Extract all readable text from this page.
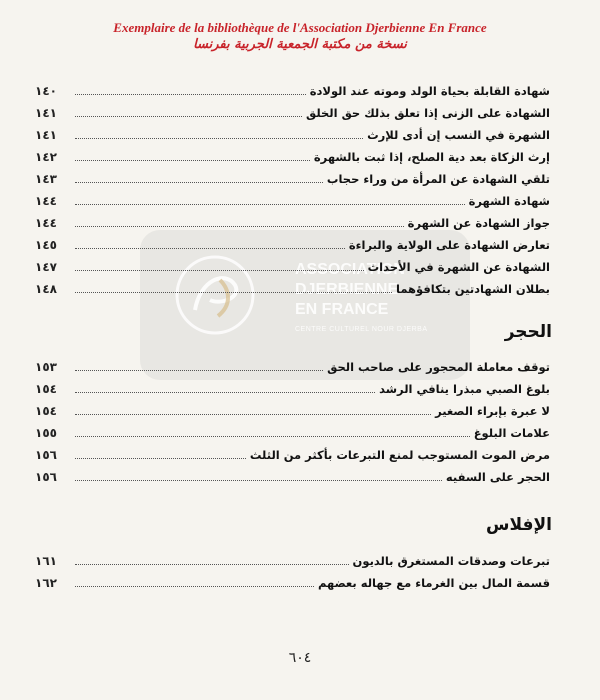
Exemplaire de la bibliothèque de l'Association Djerbienne En France
نسخة من مكتبة الجمعية الجربية بفرنسا
ASSOCIATION
DJERBIENNE
EN FRANCE
CENTRE CULTUREL NOUR DJERBA
١٤٠	شهادة القابلة بحياة الولد وموته عند الولادة
١٤١	الشهادة على الزنى إذا تعلق بذلك حق الخلق
١٤١	الشهرة في النسب إن أدى للإرث
١٤٢	إرث الزكاة بعد دية الصلح، إذا ثبت بالشهرة
١٤٣	تلقي الشهادة عن المرأة من وراء حجاب
١٤٤	شهادة الشهرة
١٤٤	جواز الشهادة عن الشهرة
١٤٥	تعارض الشهادة على الولاية والبراءة
١٤٧	الشهادة عن الشهرة في الأحداث
١٤٨	بطلان الشهادتين بتكافؤهما
الحجر
١٥٣	توقف معاملة المحجور على صاحب الحق
١٥٤	بلوغ الصبي مبذرا ينافي الرشد
١٥٤	لا عبرة بإبراء الصغير
١٥٥	علامات البلوغ
١٥٦	مرض الموت المستوجب لمنع التبرعات بأكثر من الثلث
١٥٦	الحجر على السفيه
الإفلاس
١٦١	تبرعات وصدقات المستغرق بالديون
١٦٢	قسمة المال بين الغرماء مع جهاله بعضهم
٦٠٤
